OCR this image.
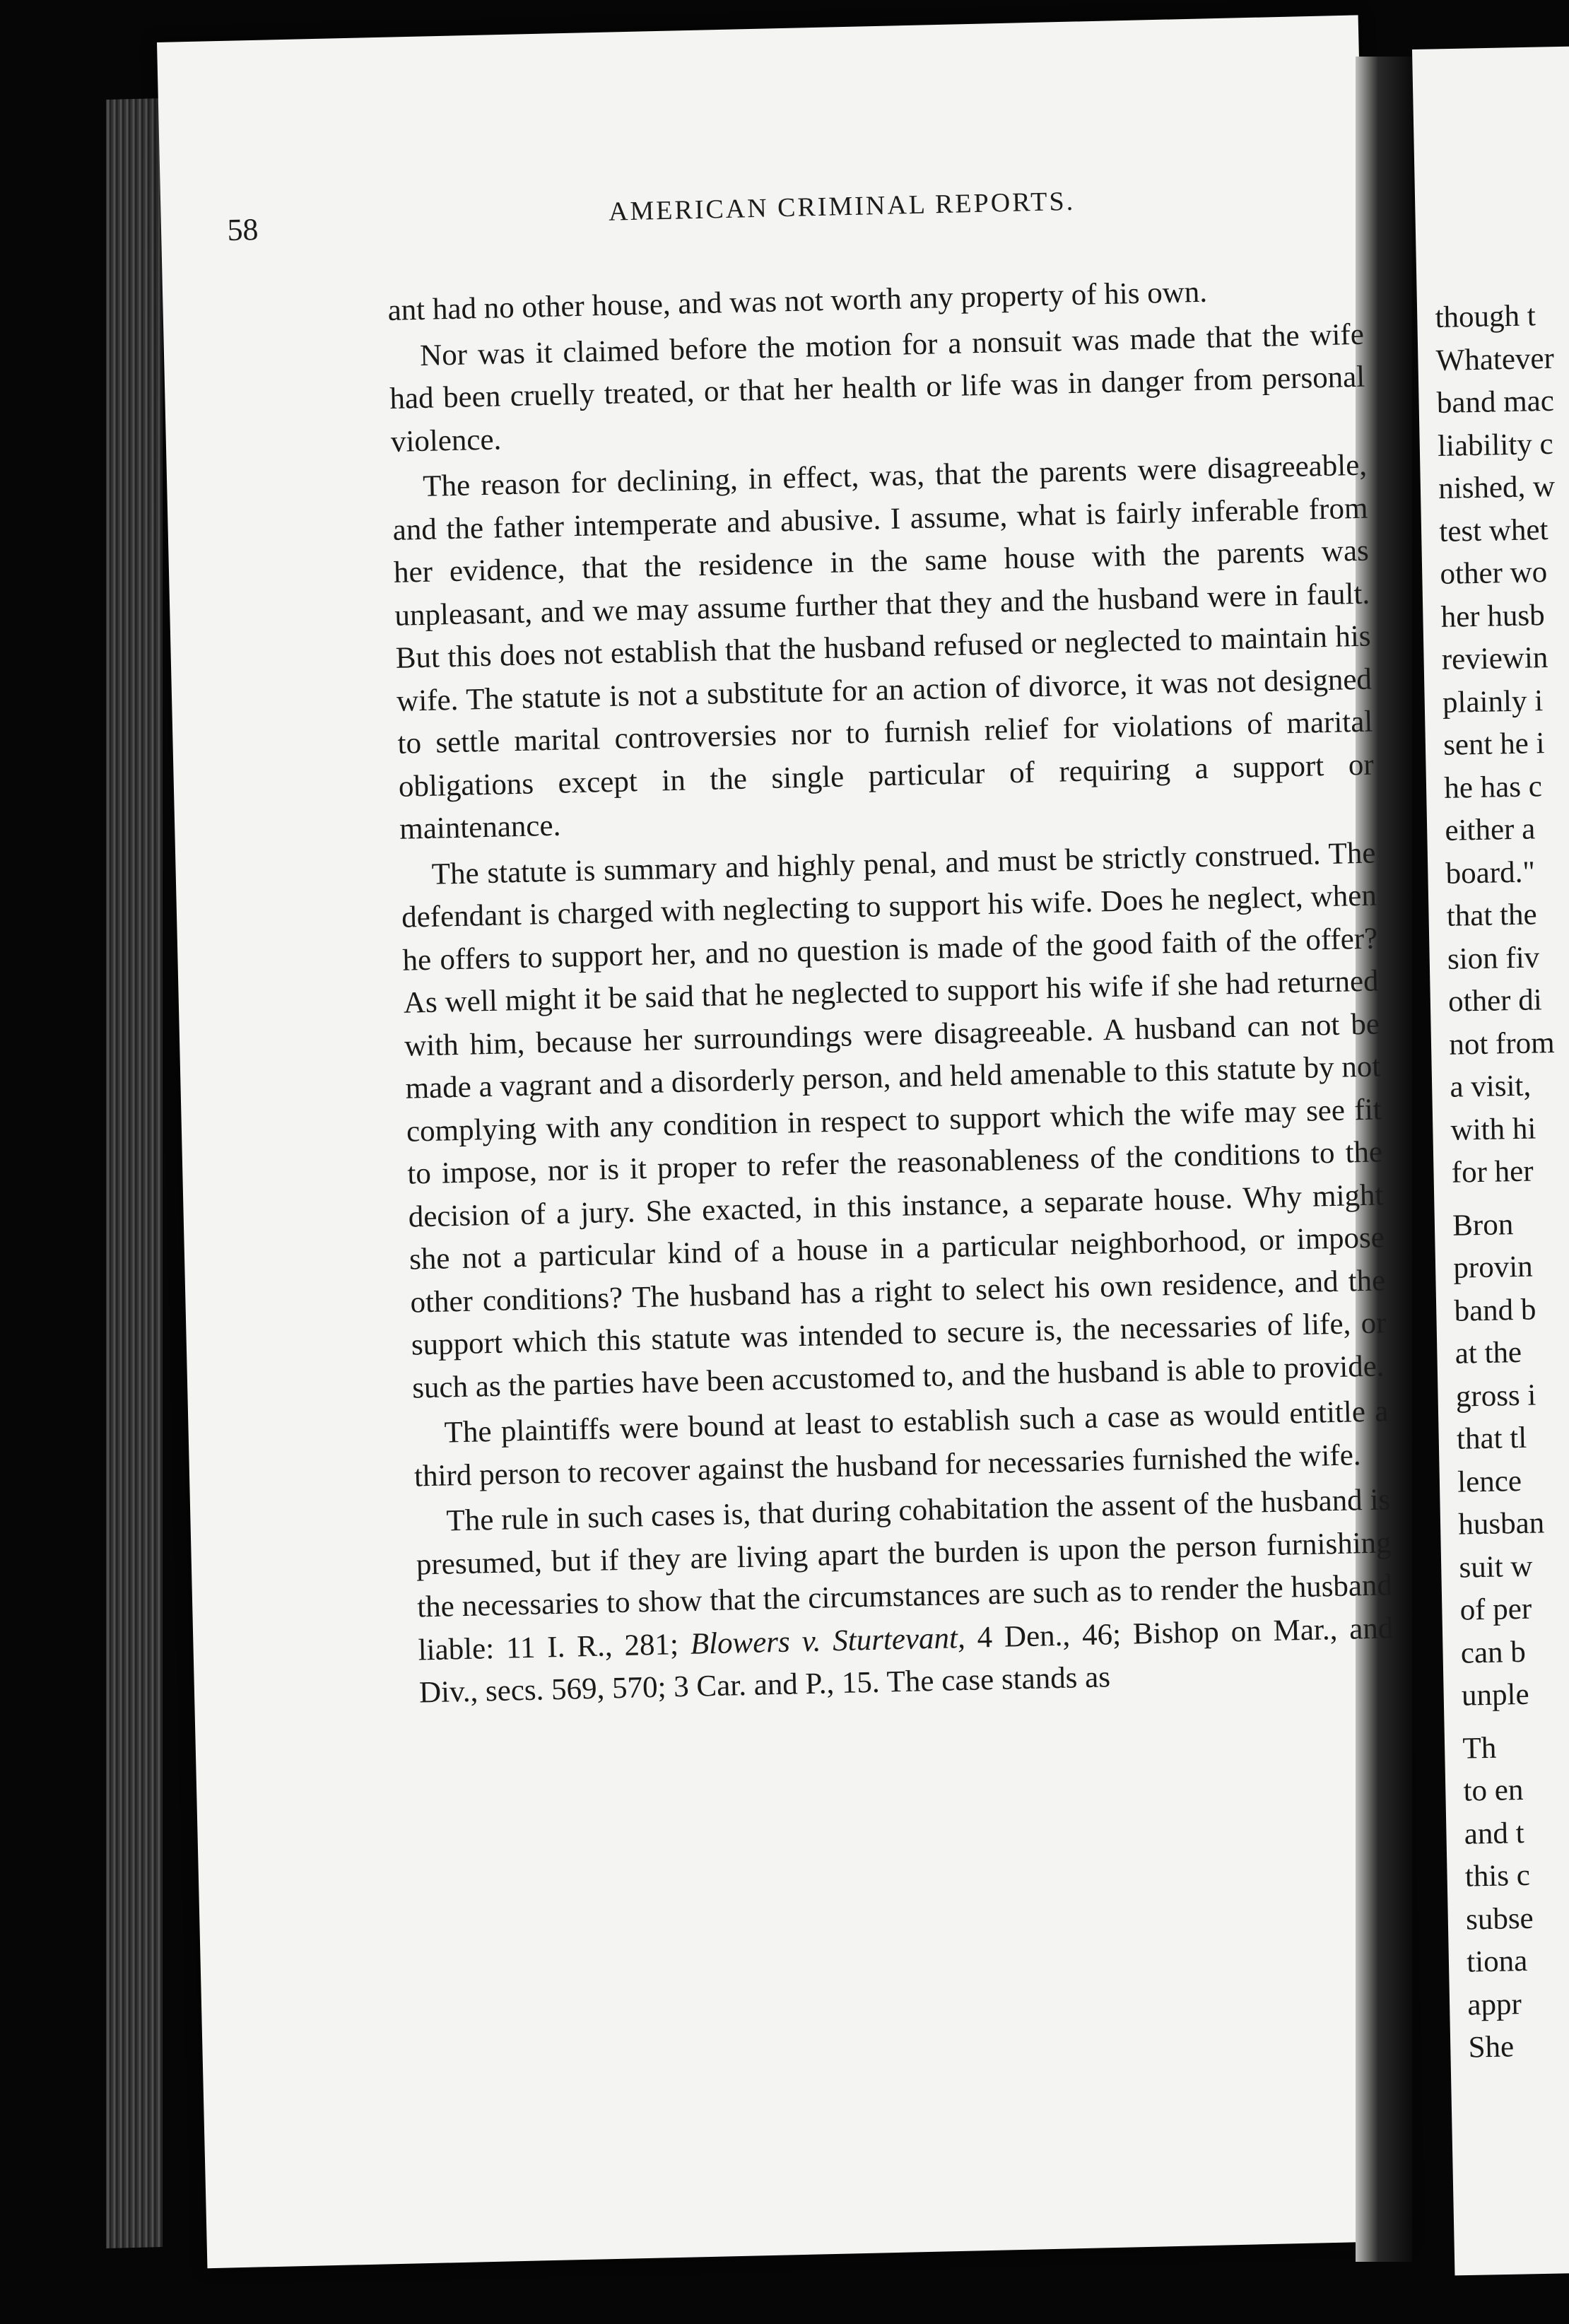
58
AMERICAN CRIMINAL REPORTS.

ant had no other house, and was not worth any property of his own.

Nor was it claimed before the motion for a nonsuit was made that the wife had been cruelly treated, or that her health or life was in danger from personal violence.

The reason for declining, in effect, was, that the parents were disagreeable, and the father intemperate and abusive. I assume, what is fairly inferable from her evidence, that the residence in the same house with the parents was unpleasant, and we may assume further that they and the husband were in fault. But this does not establish that the husband refused or neglected to maintain his wife. The statute is not a substitute for an action of divorce, it was not designed to settle marital controversies nor to furnish relief for violations of marital obligations except in the single particular of requiring a support or maintenance.

The statute is summary and highly penal, and must be strictly construed. The defendant is charged with neglecting to support his wife. Does he neglect, when he offers to support her, and no question is made of the good faith of the offer? As well might it be said that he neglected to support his wife if she had returned with him, because her surroundings were disagreeable. A husband can not be made a vagrant and a disorderly person, and held amenable to this statute by not complying with any condition in respect to support which the wife may see fit to impose, nor is it proper to refer the reasonableness of the conditions to the decision of a jury. She exacted, in this instance, a separate house. Why might she not a particular kind of a house in a particular neighborhood, or impose other conditions? The husband has a right to select his own residence, and the support which this statute was intended to secure is, the necessaries of life, or such as the parties have been accustomed to, and the husband is able to provide.

The plaintiffs were bound at least to establish such a case as would entitle a third person to recover against the husband for necessaries furnished the wife.

The rule in such cases is, that during cohabitation the assent of the husband is presumed, but if they are living apart the burden is upon the person furnishing the necessaries to show that the circumstances are such as to render the husband liable: 11 I. R., 281; Blowers v. Sturtevant, 4 Den., 46; Bishop on Mar., and Div., secs. 569, 570; 3 Car. and P., 15. The case stands as

though t
Whatever
band mac
liability c
nished, w
test whet
other wo
her husb
reviewin
plainly i
sent he i
he has c
either a
board."
that the
sion fiv
other di
not from
a visit,
with hi
for her
Bron
provin
band b
at the
gross i
that tl
lence
husban
suit w
of per
can b
unple
Th
to en
and t
this c
subse
tiona
appr
She
